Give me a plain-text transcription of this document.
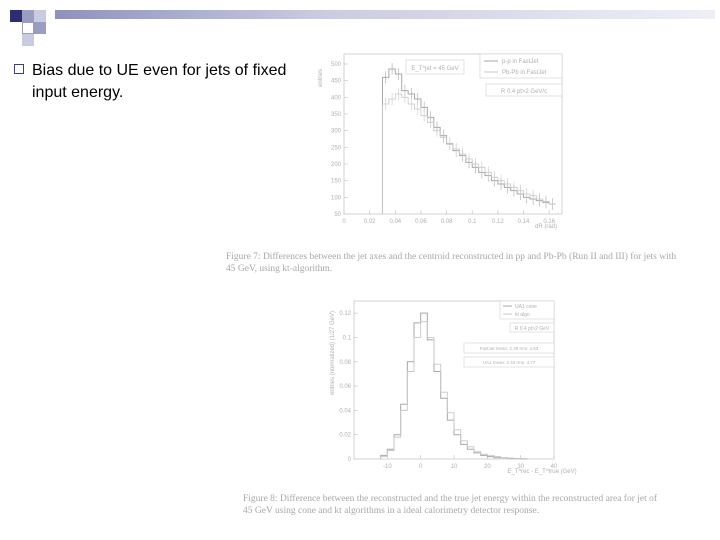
Bias due to UE even for jets of fixed input energy.
0	0.02 0.04 0.06 0.08	0.1	0.12 0.14 0.16
50
100
150
200
250
300
350
400
450
500
dR (rad)
entries	E_T^jet = 45 GeV
p-p in FastJet
Pb-Pb in FastJet
R 0.4 pt>2 GeV/c
Figure 7: Differences between the jet axes and the centroid reconstructed in pp and Pb-Pb (Run II and III) for jets with 45 GeV, using kt-algorithm.
-10	0	10	20	30	40
0
0.02
0.04
0.06
0.08
0.1
0.12
E_T^rec - E_T^true (GeV)
entries (normalized) (1/27 GeV)
UA1 cone
kt algo
R 0.4 pt>2 GeV
FastJet mean: 2.29 rms: 4.63
UA1 mean: 2.43 rms: 4.77
Figure 8: Difference between the reconstructed and the true jet energy within the reconstructed area for jet of 45 GeV using cone and kt algorithms in a ideal calorimetry detector response.
